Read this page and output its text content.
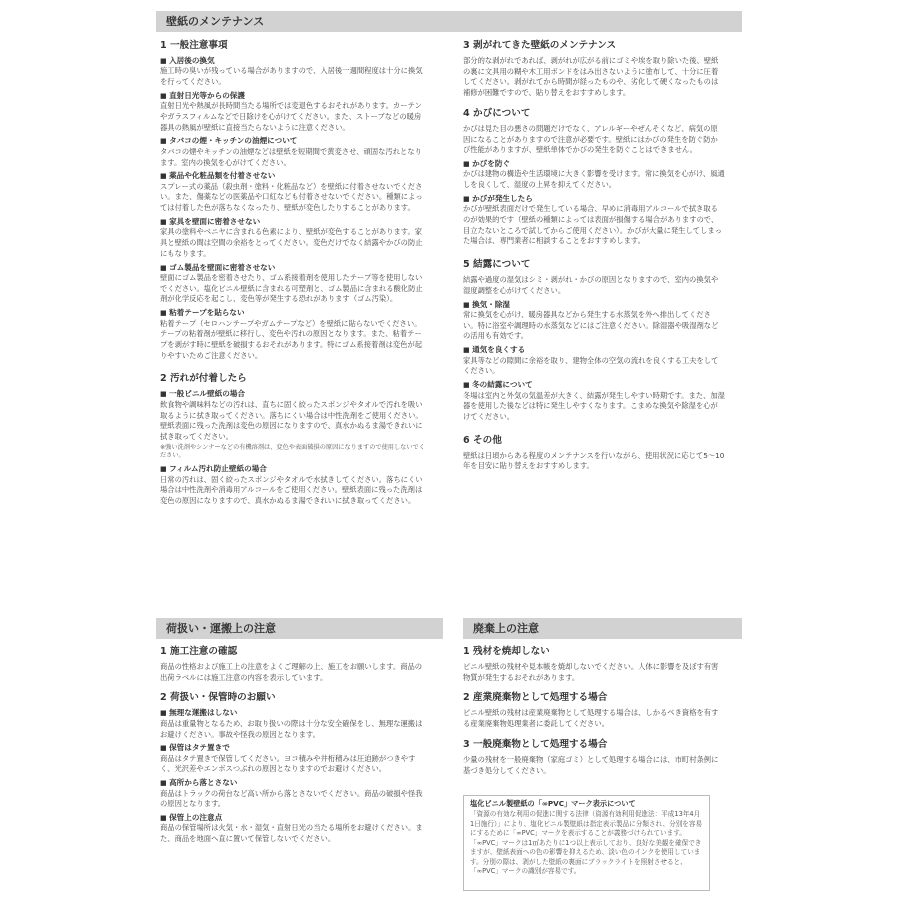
壁紙のメンテナンス
荷扱い・運搬上の注意	廃棄上の注意
1 一般注意事項
■ 入居後の換気
施工時の臭いが残っている場合がありますので、入居後一週間程度は十分に換気を行ってください。
■ 直射日光等からの保護
直射日光や熱風が長時間当たる場所では変退色するおそれがあります。カーテンやガラスフィルムなどで日除けを心がけてください。また、ストーブなどの暖房器具の熱風が壁紙に直接当たらないように注意ください。
■ タバコの煙・キッチンの油煙について
タバコの煙やキッチンの油煙などは壁紙を短期間で黄変させ、頑固な汚れとなります。室内の換気を心がけてください。
■ 薬品や化粧品類を付着させない
スプレー式の薬品（殺虫剤・塗料・化粧品など）を壁紙に付着させないでください。また、傷薬などの医薬品や口紅なども付着させないでください。種類によっては付着した色が落ちなくなったり、壁紙が変色したりすることがあります。
■ 家具を壁面に密着させない
家具の塗料やベニヤに含まれる色素により、壁紙が変色することがあります。家具と壁紙の間は空間の余裕をとってください。変色だけでなく結露やかびの防止にもなります。
■ ゴム製品を壁面に密着させない
壁面にゴム製品を密着させたり、ゴム系接着剤を使用したテープ等を使用しないでください。塩化ビニル壁紙に含まれる可塑剤と、ゴム製品に含まれる酸化防止剤が化学反応を起こし、変色等が発生する恐れがあります（ゴム汚染）。
■ 粘着テープを貼らない
粘着テープ（セロハンテープやガムテープなど）を壁紙に貼らないでください。テープの粘着剤が壁紙に移行し、変色や汚れの原因となります。また、粘着テープを剥がす時に壁紙を破損するおそれがあります。特にゴム系接着剤は変色が起りやすいためご注意ください。
2 汚れが付着したら
■ 一般ビニル壁紙の場合
飲食物や調味料などの汚れは、直ちに固く絞ったスポンジやタオルで汚れを吸い取るように拭き取ってください。落ちにくい場合は中性洗剤をご使用ください。壁紙表面に残った洗剤は変色の原因になりますので、真水かぬるま湯できれいに拭き取ってください。
※強い洗剤やシンナーなどの有機溶剤は、変色や表面破損の原因になりますので使用しないでください。
■ フィルム汚れ防止壁紙の場合
日常の汚れは、固く絞ったスポンジやタオルで水拭きしてください。落ちにくい場合は中性洗剤や消毒用アルコールをご使用ください。壁紙表面に残った洗剤は変色の原因になりますので、真水かぬるま湯できれいに拭き取ってください。
3 剥がれてきた壁紙のメンテナンス
部分的な剥がれであれば、剥がれが広がる前にゴミや埃を取り除いた後、壁紙の裏に文具用の糊や木工用ボンドをはみ出さないように塗布して、十分に圧着してください。剥がれてから時間が経ったものや、劣化して硬くなったものは補修が困難ですので、貼り替えをおすすめします。
4 かびについて
かびは見た目の悪さの問題だけでなく、アレルギーやぜんそくなど、病気の原因になることがありますので注意が必要です。壁紙にはかびの発生を防ぐ防かび性能がありますが、壁紙単体でかびの発生を防ぐことはできません。
■ かびを防ぐ
かびは建物の構造や生活環境に大きく影響を受けます。常に換気を心がけ、風通しを良くして、湿度の上昇を抑えてください。
■ かびが発生したら
かびが壁紙表面だけで発生している場合、早めに消毒用アルコールで拭き取るのが効果的です（壁紙の種類によっては表面が損傷する場合がありますので、目立たないところで試してからご使用ください）。かびが大量に発生してしまった場合は、専門業者に相談することをおすすめします。
5 結露について
結露や過度の湿気はシミ・剥がれ・かびの原因となりますので、室内の換気や湿度調整を心がけてください。
■ 換気・除湿
常に換気を心がけ、暖房器具などから発生する水蒸気を外へ排出してください。特に浴室や調理時の水蒸気などにはご注意ください。除湿器や吸湿剤などの活用も有効です。
■ 通気を良くする
家具等などの隙間に余裕を取り、建物全体の空気の流れを良くする工夫をしてください。
■ 冬の結露について
冬場は室内と外気の気温差が大きく、結露が発生しやすい時期です。また、加湿器を使用した後などは特に発生しやすくなります。こまめな換気や除湿を心がけてください。
6 その他
壁紙は日頃からある程度のメンテナンスを行いながら、使用状況に応じて5～10年を目安に貼り替えをおすすめします。
1 施工注意の確認
商品の性格および施工上の注意をよくご理解の上、施工をお願いします。商品の出荷ラベルには施工注意の内容を表示しています。
2 荷扱い・保管時のお願い
■ 無理な運搬はしない
商品は重量物となるため、お取り扱いの際は十分な安全確保をし、無理な運搬はお避けください。事故や怪我の原因となります。
■ 保管はタテ置きで
商品はタテ置きで保管してください。ヨコ積みや井桁積みは圧迫跡がつきやすく、光沢差やエンボスつぶれの原因となりますのでお避けください。
■ 高所から落とさない
商品はトラックの荷台など高い所から落とさないでください。商品の破損や怪我の原因となります。
■ 保管上の注意点
商品の保管場所は火気・水・湿気・直射日光の当たる場所をお避けください。また、商品を地面へ直に置いて保管しないでください。
1 残材を焼却しない
ビニル壁紙の残材や見本帳を焼却しないでください。人体に影響を及ぼす有害物質が発生するおそれがあります。
2 産業廃棄物として処理する場合
ビニル壁紙の残材は産業廃棄物として処理する場合は、しかるべき資格を有する産業廃棄物処理業者に委託してください。
3 一般廃棄物として処理する場合
少量の残材を一般廃棄物（家庭ゴミ）として処理する場合には、市町村条例に基づき処分してください。
塩化ビニル製壁紙の「∞PVC」マーク表示について
「資源の有効な利用の促進に関する法律（資源有効利用促進法：平成13年4月1日施行）」により、塩化ビニル製壁紙は指定表示製品に分類され、分別を容易にするために「∞PVC」マークを表示することが義務づけられています。「∞PVC」マークは1㎡あたりに1つ以上表示しており、良好な美観を確保できますが、壁紙表面への色の影響を抑えるため、淡い色のインクを使用しています。分別の際は、剥がした壁紙の裏面にブラックライトを照射させると、「∞PVC」マークの識別が容易です。
